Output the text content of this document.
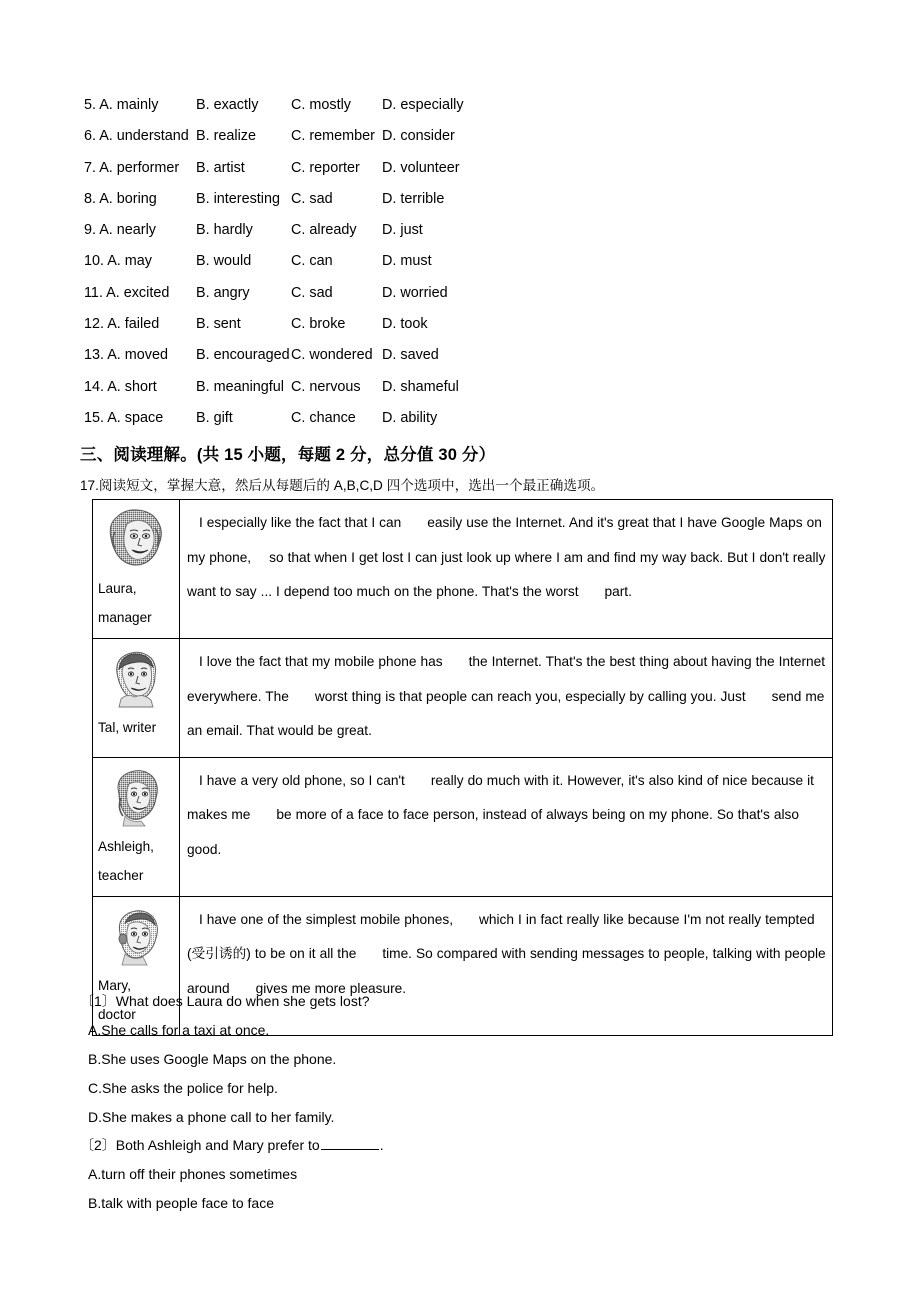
5. A. mainly	B. exactly C. mostly D. especially
6. A. understand B. realize C. remember D. consider
7. A. performer	B. artist	C. reporter D. volunteer
8. A. boring	B. interesting C. sad	D. terrible
9. A. nearly	B. hardly	C. already D. just
10. A. may	B. would	C. can	D. must
11. A. excited	B. angry	C. sad	D. worried
12. A. failed	B. sent	C. broke	D. took
13. A. moved	B. encouraged C. wondered D. saved
14. A. short	B. meaningful C. nervous D. shameful
15. A. space	B. gift	C. chance D. ability
三、阅读理解。(共 15 小题，每题 2 分，总分值 30 分）
17.阅读短文，掌握大意，然后从每题后的 A,B,C,D 四个选项中，选出一个最正确选项。
Laura,
manager	I especially like the fact that I can easily use the Internet. And it's great that I have Google Maps on my phone, so that when I get lost I can just look up where I am and find my way back. But I don't really want to say ... I depend too much on the phone. That's the worst part.

Tal, writer	I love the fact that my mobile phone has the Internet. That's the best thing about having the Internet everywhere. The worst thing is that people can reach you, especially by calling you. Just send me an email. That would be great.

Ashleigh,
teacher	I have a very old phone, so I can't really do much with it. However, it's also kind of nice because it makes me be more of a face to face person, instead of always being on my phone. So that's also good.

Mary,
doctor	I have one of the simplest mobile phones, which I in fact really like because I'm not really tempted (受引诱的) to be on it all the time. So compared with sending messages to people, talking with people around gives me more pleasure.
〔1〕What does Laura do when she gets lost?
A.She calls for a taxi at once.
B.She uses Google Maps on the phone.
C.She asks the police for help.
D.She makes a phone call to her family.
〔2〕Both Ashleigh and Mary prefer to	.
A.turn off their phones sometimes
B.talk with people face to face
